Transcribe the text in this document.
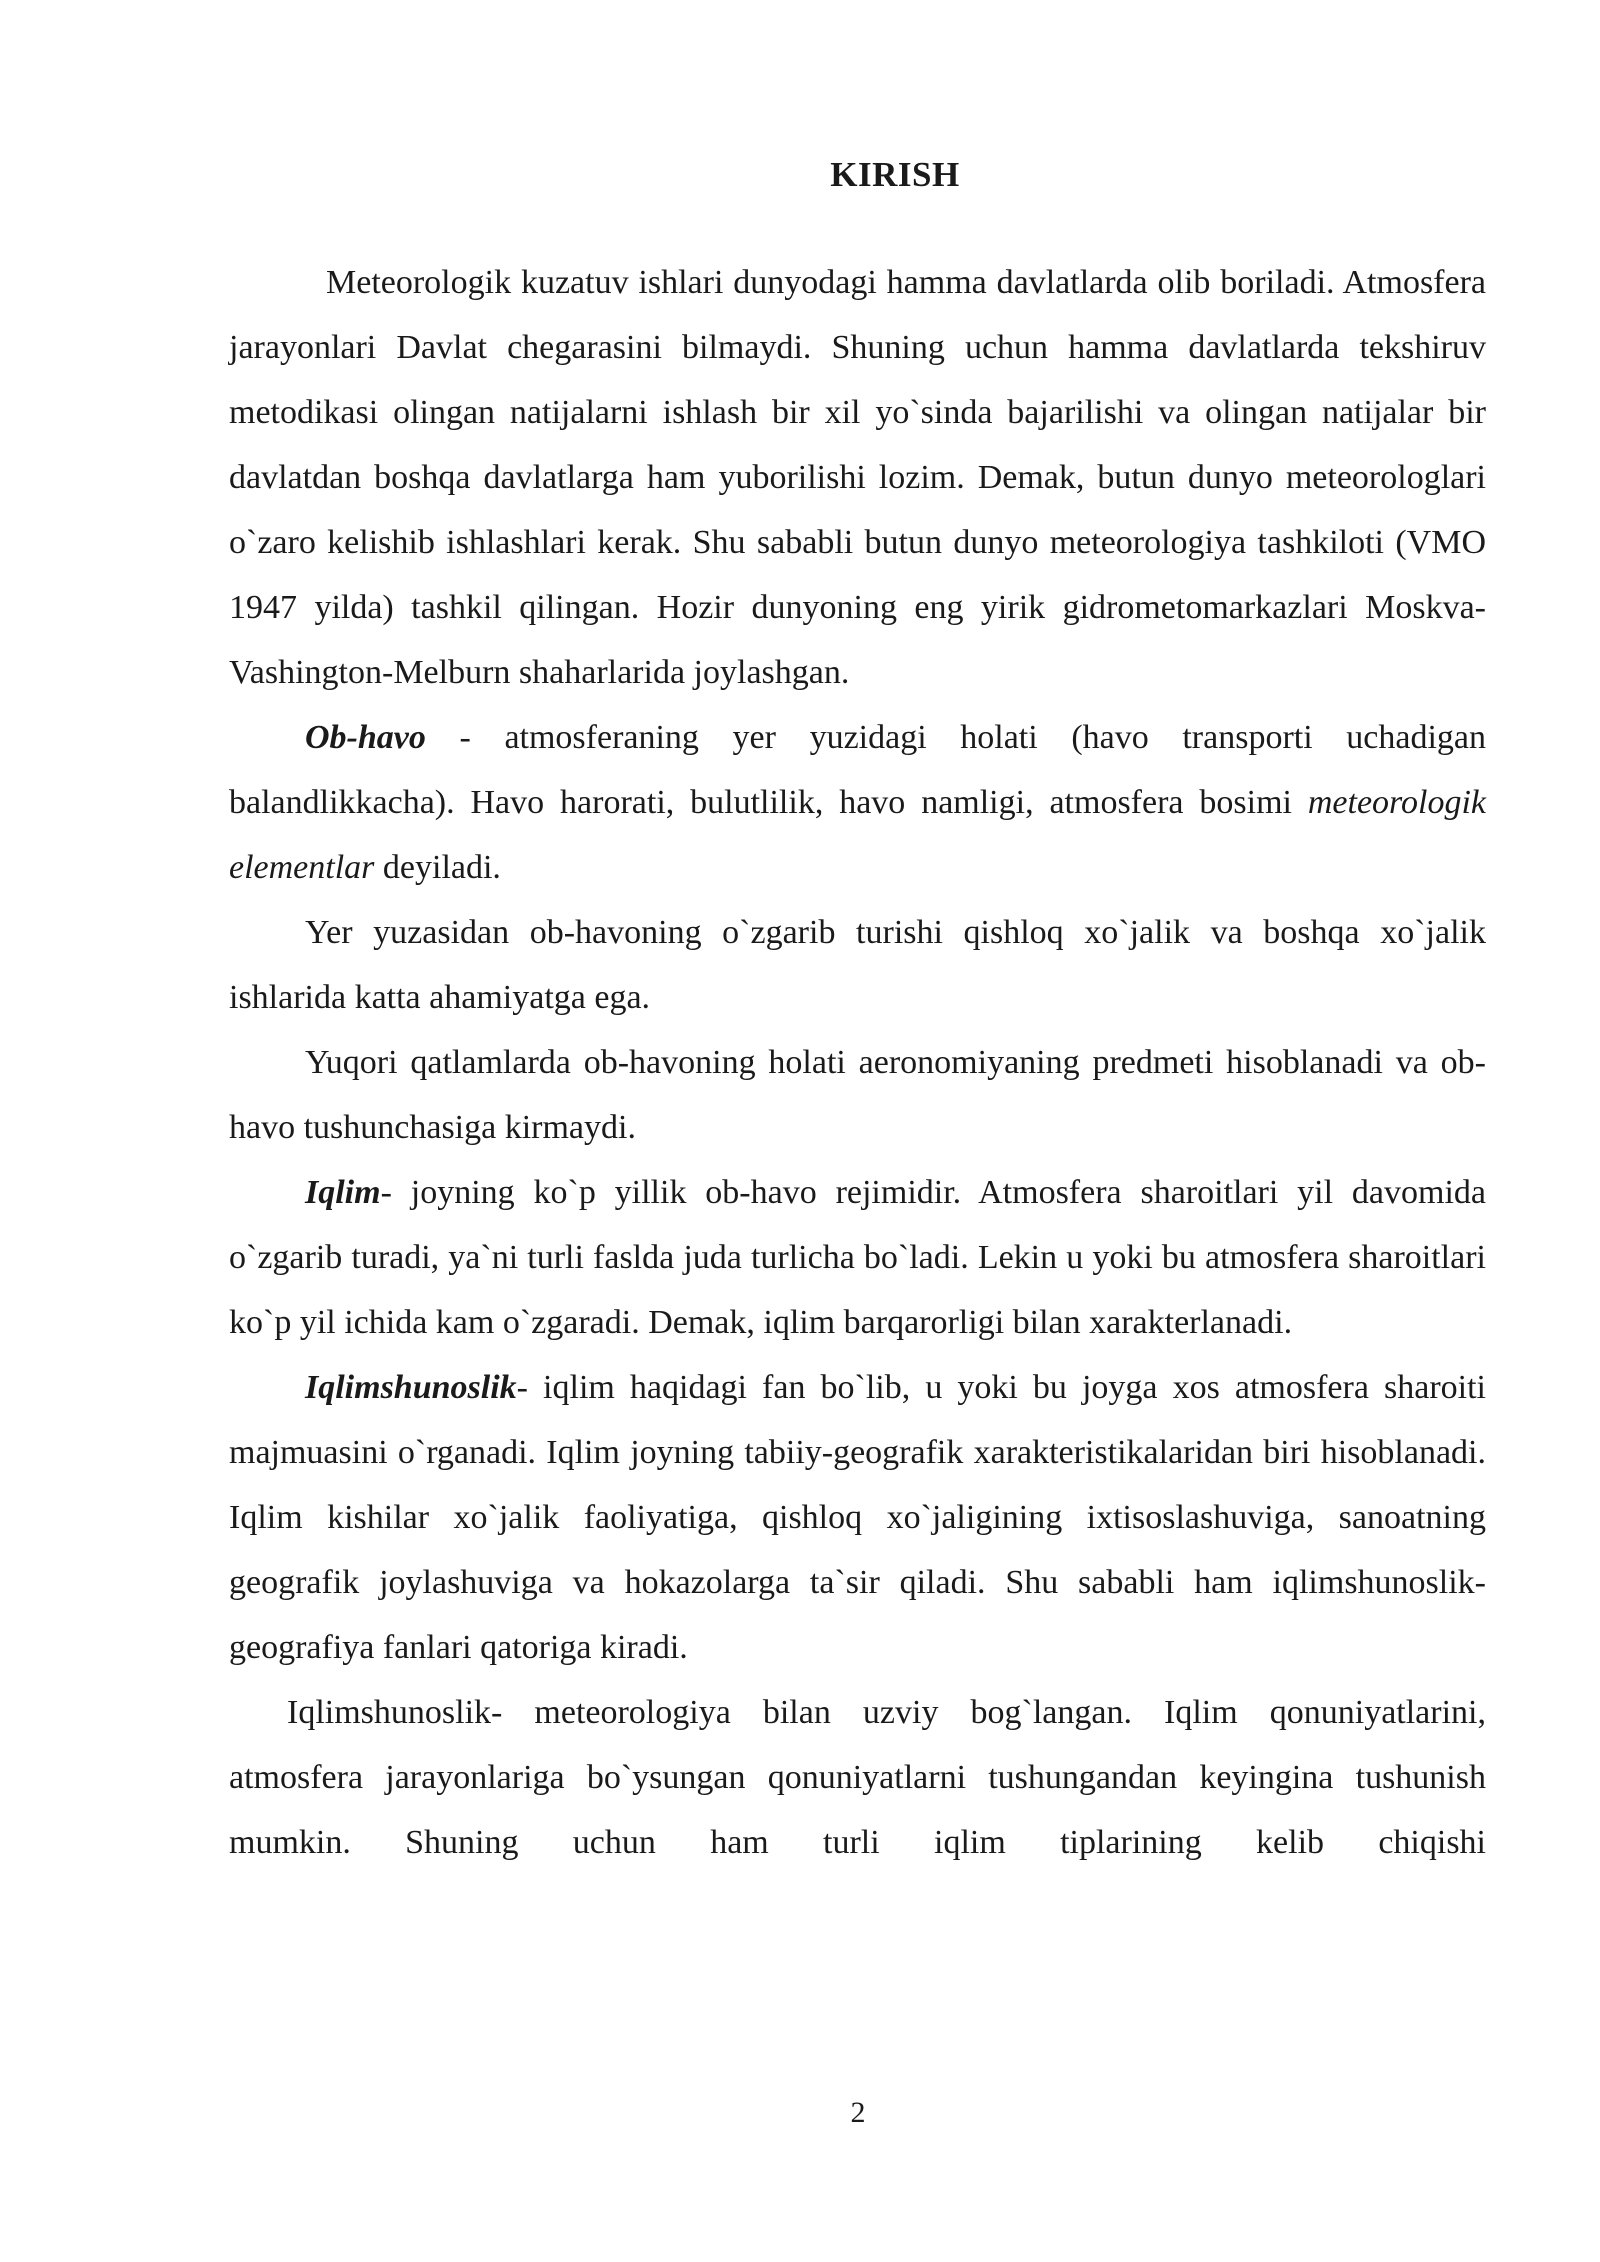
KIRISH

Meteorologik kuzatuv ishlari dunyodagi hamma davlatlarda olib boriladi. Atmosfera jarayonlari Davlat chegarasini bilmaydi. Shuning uchun hamma davlatlarda tekshiruv metodikasi olingan natijalarni ishlash bir xil yo`sinda bajarilishi va olingan natijalar bir davlatdan boshqa davlatlarga ham yuborilishi lozim. Demak, butun dunyo meteorologlari o`zaro kelishib ishlashlari kerak. Shu sababli butun dunyo meteorologiya tashkiloti (VMO 1947 yilda) tashkil qilingan. Hozir dunyoning eng yirik gidrometomarkazlari Moskva-Vashington-Melburn shaharlarida joylashgan.

Ob-havo - atmosferaning yer yuzidagi holati (havo transporti uchadigan balandlikkacha). Havo harorati, bulutlilik, havo namligi, atmosfera bosimi meteorologik elementlar deyiladi.

Yer yuzasidan ob-havoning o`zgarib turishi qishloq xo`jalik va boshqa xo`jalik ishlarida katta ahamiyatga ega.

Yuqori qatlamlarda ob-havoning holati aeronomiyaning predmeti hisoblanadi va ob-havo tushunchasiga kirmaydi.

Iqlim- joyning ko`p yillik ob-havo rejimidir. Atmosfera sharoitlari yil davomida o`zgarib turadi, ya`ni turli faslda juda turlicha bo`ladi. Lekin u yoki bu atmosfera sharoitlari ko`p yil ichida kam o`zgaradi. Demak, iqlim barqarorligi bilan xarakterlanadi.

Iqlimshunoslik- iqlim haqidagi fan bo`lib, u yoki bu joyga xos atmosfera sharoiti majmuasini o`rganadi. Iqlim joyning tabiiy-geografik xarakteristikalaridan biri hisoblanadi. Iqlim kishilar xo`jalik faoliyatiga, qishloq xo`jaligining ixtisoslashuviga, sanoatning geografik joylashuviga va hokazolarga ta`sir qiladi. Shu sababli ham iqlimshunoslik-geografiya fanlari qatoriga kiradi.

Iqlimshunoslik- meteorologiya bilan uzviy bog`langan. Iqlim qonuniyatlarini, atmosfera jarayonlariga bo`ysungan qonuniyatlarni tushungandan keyingina tushunish mumkin. Shuning uchun ham turli iqlim tiplarining kelib chiqishi

2
